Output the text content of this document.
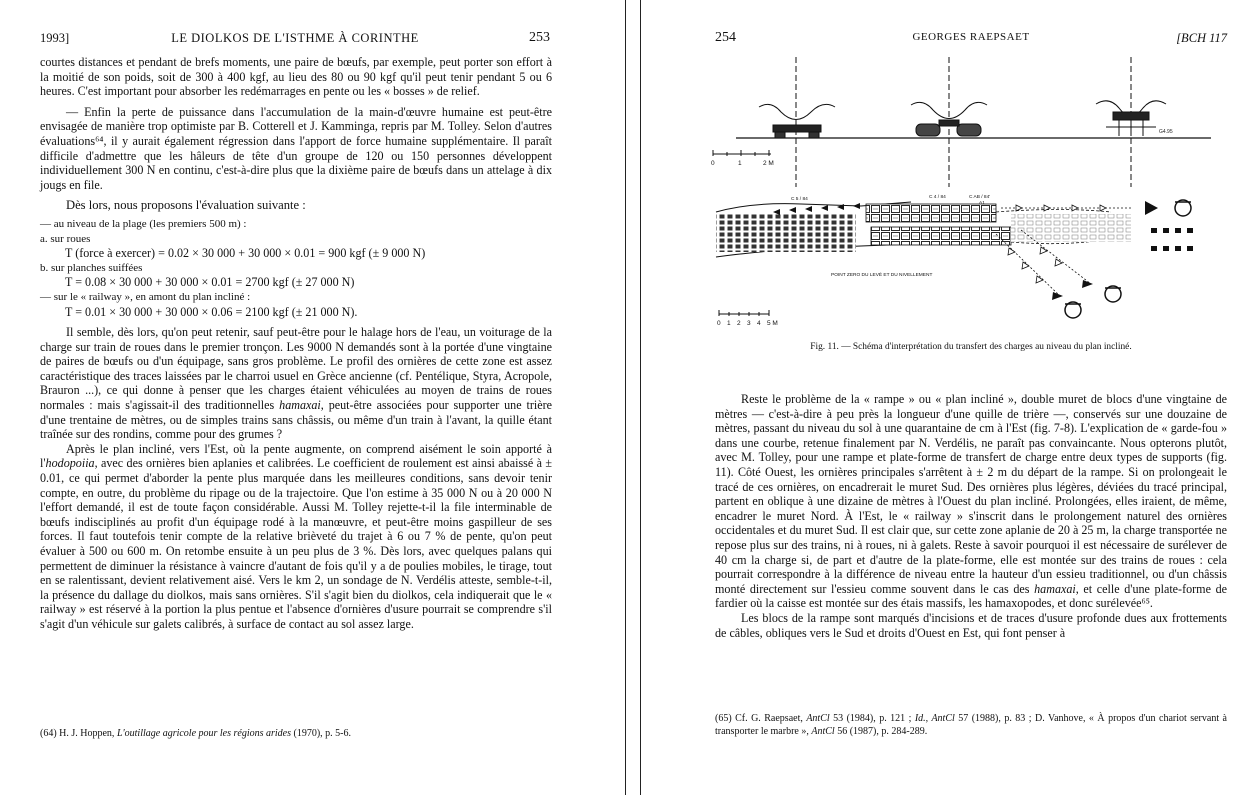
1993]	LE DIOLKOS DE L'ISTHME À CORINTHE	253

courtes distances et pendant de brefs moments, une paire de bœufs, par exemple, peut porter son effort à la moitié de son poids, soit de 300 à 400 kgf, au lieu des 80 ou 90 kgf qu'il peut tenir pendant 5 ou 6 heures. C'est important pour absorber les redémarrages en pente ou les « bosses » de relief.

— Enfin la perte de puissance dans l'accumulation de la main-d'œuvre humaine est peut-être envisagée de manière trop optimiste par B. Cotterell et J. Kamminga, repris par M. Tolley. Selon d'autres évaluations⁶⁴, il y aurait également régression dans l'apport de force humaine supplémentaire. Il paraît difficile d'admettre que les hâleurs de tête d'un groupe de 120 ou 150 personnes développent individuellement 300 N en continu, c'est-à-dire plus que la dixième paire de bœufs dans un attelage à dix jougs en file.

Dès lors, nous proposons l'évaluation suivante :

— au niveau de la plage (les premiers 500 m) :

a. sur roues

T (force à exercer) = 0.02 × 30 000 + 30 000 × 0.01 = 900 kgf (± 9 000 N)

b. sur planches suiffées

T = 0.08 × 30 000 + 30 000 × 0.01 = 2700 kgf (± 27 000 N)

— sur le « railway », en amont du plan incliné :

T = 0.01 × 30 000 + 30 000 × 0.06 = 2100 kgf (± 21 000 N).

Il semble, dès lors, qu'on peut retenir, sauf peut-être pour le halage hors de l'eau, un voiturage de la charge sur train de roues dans le premier tronçon. Les 9000 N demandés sont à la portée d'une vingtaine de paires de bœufs ou d'un équipage, sans gros problème. Le profil des ornières de cette zone est assez caractéristique des traces laissées par le charroi usuel en Grèce ancienne (cf. Pentélique, Styra, Acropole, Brauron ...), ce qui donne à penser que les charges étaient véhiculées au moyen de trains de roues normales : mais s'agissait-il des traditionnelles hamaxai, peut-être associées pour supporter une trière d'une trentaine de mètres, ou de simples trains sans châssis, ou même d'un train à l'avant, la quille étant traînée sur des rondins, comme pour des grumes ?

Après le plan incliné, vers l'Est, où la pente augmente, on comprend aisément le soin apporté à l'hodopoiia, avec des ornières bien aplanies et calibrées. Le coefficient de roulement est ainsi abaissé à ± 0.01, ce qui permet d'aborder la pente plus marquée dans les meilleures conditions, sans devoir tenir compte, en outre, du problème du ripage ou de la trajectoire. Que l'on estime à 35 000 N ou à 20 000 N l'effort demandé, il est de toute façon considérable. Aussi M. Tolley rejette-t-il la file interminable de bœufs indisciplinés au profit d'un équipage rodé à la manœuvre, et peut-être moins gaspilleur de ses forces. Il faut toutefois tenir compte de la relative brièveté du trajet à 6 ou 7 % de pente, qu'on peut évaluer à 500 ou 600 m. On retombe ensuite à un peu plus de 3 %. Dès lors, avec quelques palans qui permettent de diminuer la résistance à vaincre d'autant de fois qu'il y a de poulies mobiles, le tirage, tout en se ralentissant, devient relativement aisé. Vers le km 2, un sondage de N. Verdélis atteste, semble-t-il, la présence du dallage du diolkos, mais sans ornières. S'il s'agit bien du diolkos, cela indiquerait que le « railway » est réservé à la portion la plus pentue et l'absence d'ornières d'usure pourrait se comprendre s'il s'agit d'un véhicule sur galets calibrés, à surface de contact au sol assez large.

(64) H. J. Hoppen, L'outillage agricole pour les régions arides (1970), p. 5-6.
254	GEORGES RAEPSAET	[BCH 117
G4.95
0	1	2 M
C 5 / 84	C 4 / 84	C AB / 84'
A1
POINT ZERO DU LEVÉ ET DU NIVELLEMENT
0 1 2 3 4 5 M
Fig. 11. — Schéma d'interprétation du transfert des charges au niveau du plan incliné.

Reste le problème de la « rampe » ou « plan incliné », double muret de blocs d'une vingtaine de mètres — c'est-à-dire à peu près la longueur d'une quille de trière —, conservés sur une douzaine de mètres, passant du niveau du sol à une quarantaine de cm à l'Est (fig. 7-8). L'explication de « garde-fou » dans une courbe, retenue finalement par N. Verdélis, ne paraît pas convaincante. Nous opterons plutôt, avec M. Tolley, pour une rampe et plate-forme de transfert de charge entre deux types de supports (fig. 11). Côté Ouest, les ornières principales s'arrêtent à ± 2 m du départ de la rampe. Si on prolongeait le tracé de ces ornières, on encadrerait le muret Sud. Des ornières plus légères, déviées du tracé principal, partent en oblique à une dizaine de mètres à l'Ouest du plan incliné. Prolongées, elles iraient, de même, encadrer le muret Nord. À l'Est, le « railway » s'inscrit dans le prolongement naturel des ornières occidentales et du muret Sud. Il est clair que, sur cette zone aplanie de 20 à 25 m, la charge transportée ne repose plus sur des trains, ni à roues, ni à galets. Reste à savoir pourquoi il est nécessaire de surélever de 40 cm la charge si, de part et d'autre de la plate-forme, elle est montée sur des trains de roues : cela pourrait correspondre à la différence de niveau entre la hauteur d'un essieu traditionnel, ou d'un châssis monté directement sur l'essieu comme souvent dans le cas des hamaxai, et celle d'une plate-forme de fardier où la caisse est montée sur des étais massifs, les hamaxopodes, et donc surélevée⁶⁵.

Les blocs de la rampe sont marqués d'incisions et de traces d'usure profonde dues aux frottements de câbles, obliques vers le Sud et droits d'Ouest en Est, qui font penser à

(65) Cf. G. Raepsaet, AntCl 53 (1984), p. 121 ; Id., AntCl 57 (1988), p. 83 ; D. Vanhove, « À propos d'un chariot servant à transporter le marbre », AntCl 56 (1987), p. 284-289.
